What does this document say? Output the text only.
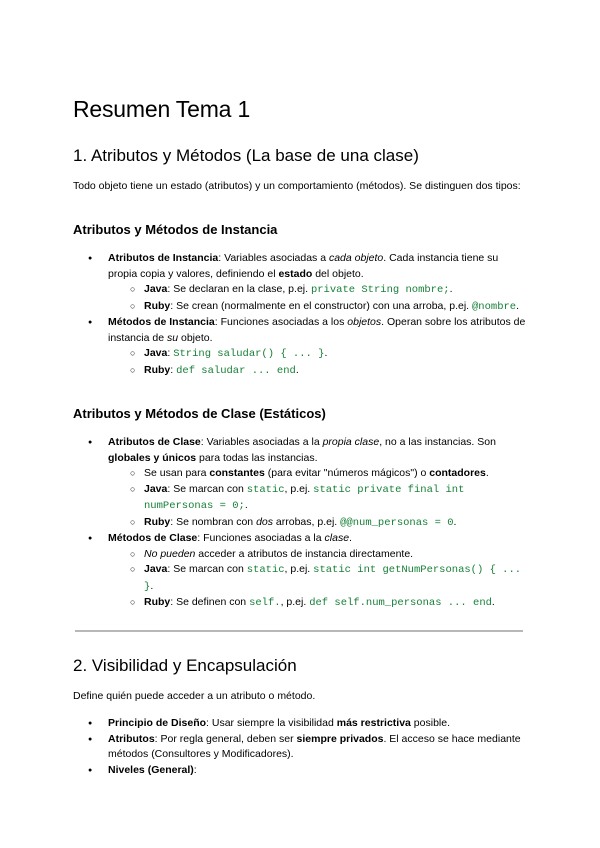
Resumen Tema 1
1. Atributos y Métodos (La base de una clase)

Todo objeto tiene un estado (atributos) y un comportamiento (métodos). Se distinguen dos tipos:

Atributos y Métodos de Instancia
● Atributos de Instancia: Variables asociadas a cada objeto. Cada instancia tiene su propia copia y valores, definiendo el estado del objeto.
○ Java: Se declaran en la clase, p.ej. private String nombre;.
○ Ruby: Se crean (normalmente en el constructor) con una arroba, p.ej. @nombre.
● Métodos de Instancia: Funciones asociadas a los objetos. Operan sobre los atributos de instancia de su objeto.
○ Java: String saludar() { ... }.
○ Ruby: def saludar ... end.
Atributos y Métodos de Clase (Estáticos)
● Atributos de Clase: Variables asociadas a la propia clase, no a las instancias. Son globales y únicos para todas las instancias.
○ Se usan para constantes (para evitar "números mágicos") o contadores.
○ Java: Se marcan con static, p.ej. static private final int numPersonas = 0;.
○ Ruby: Se nombran con dos arrobas, p.ej. @@num_personas = 0.
● Métodos de Clase: Funciones asociadas a la clase.
○ No pueden acceder a atributos de instancia directamente.
○ Java: Se marcan con static, p.ej. static int getNumPersonas() { ... }.
○ Ruby: Se definen con self., p.ej. def self.num_personas ... end.
2. Visibilidad y Encapsulación

Define quién puede acceder a un atributo o método.

● Principio de Diseño: Usar siempre la visibilidad más restrictiva posible.
● Atributos: Por regla general, deben ser siempre privados. El acceso se hace mediante métodos (Consultores y Modificadores).
● Niveles (General):
